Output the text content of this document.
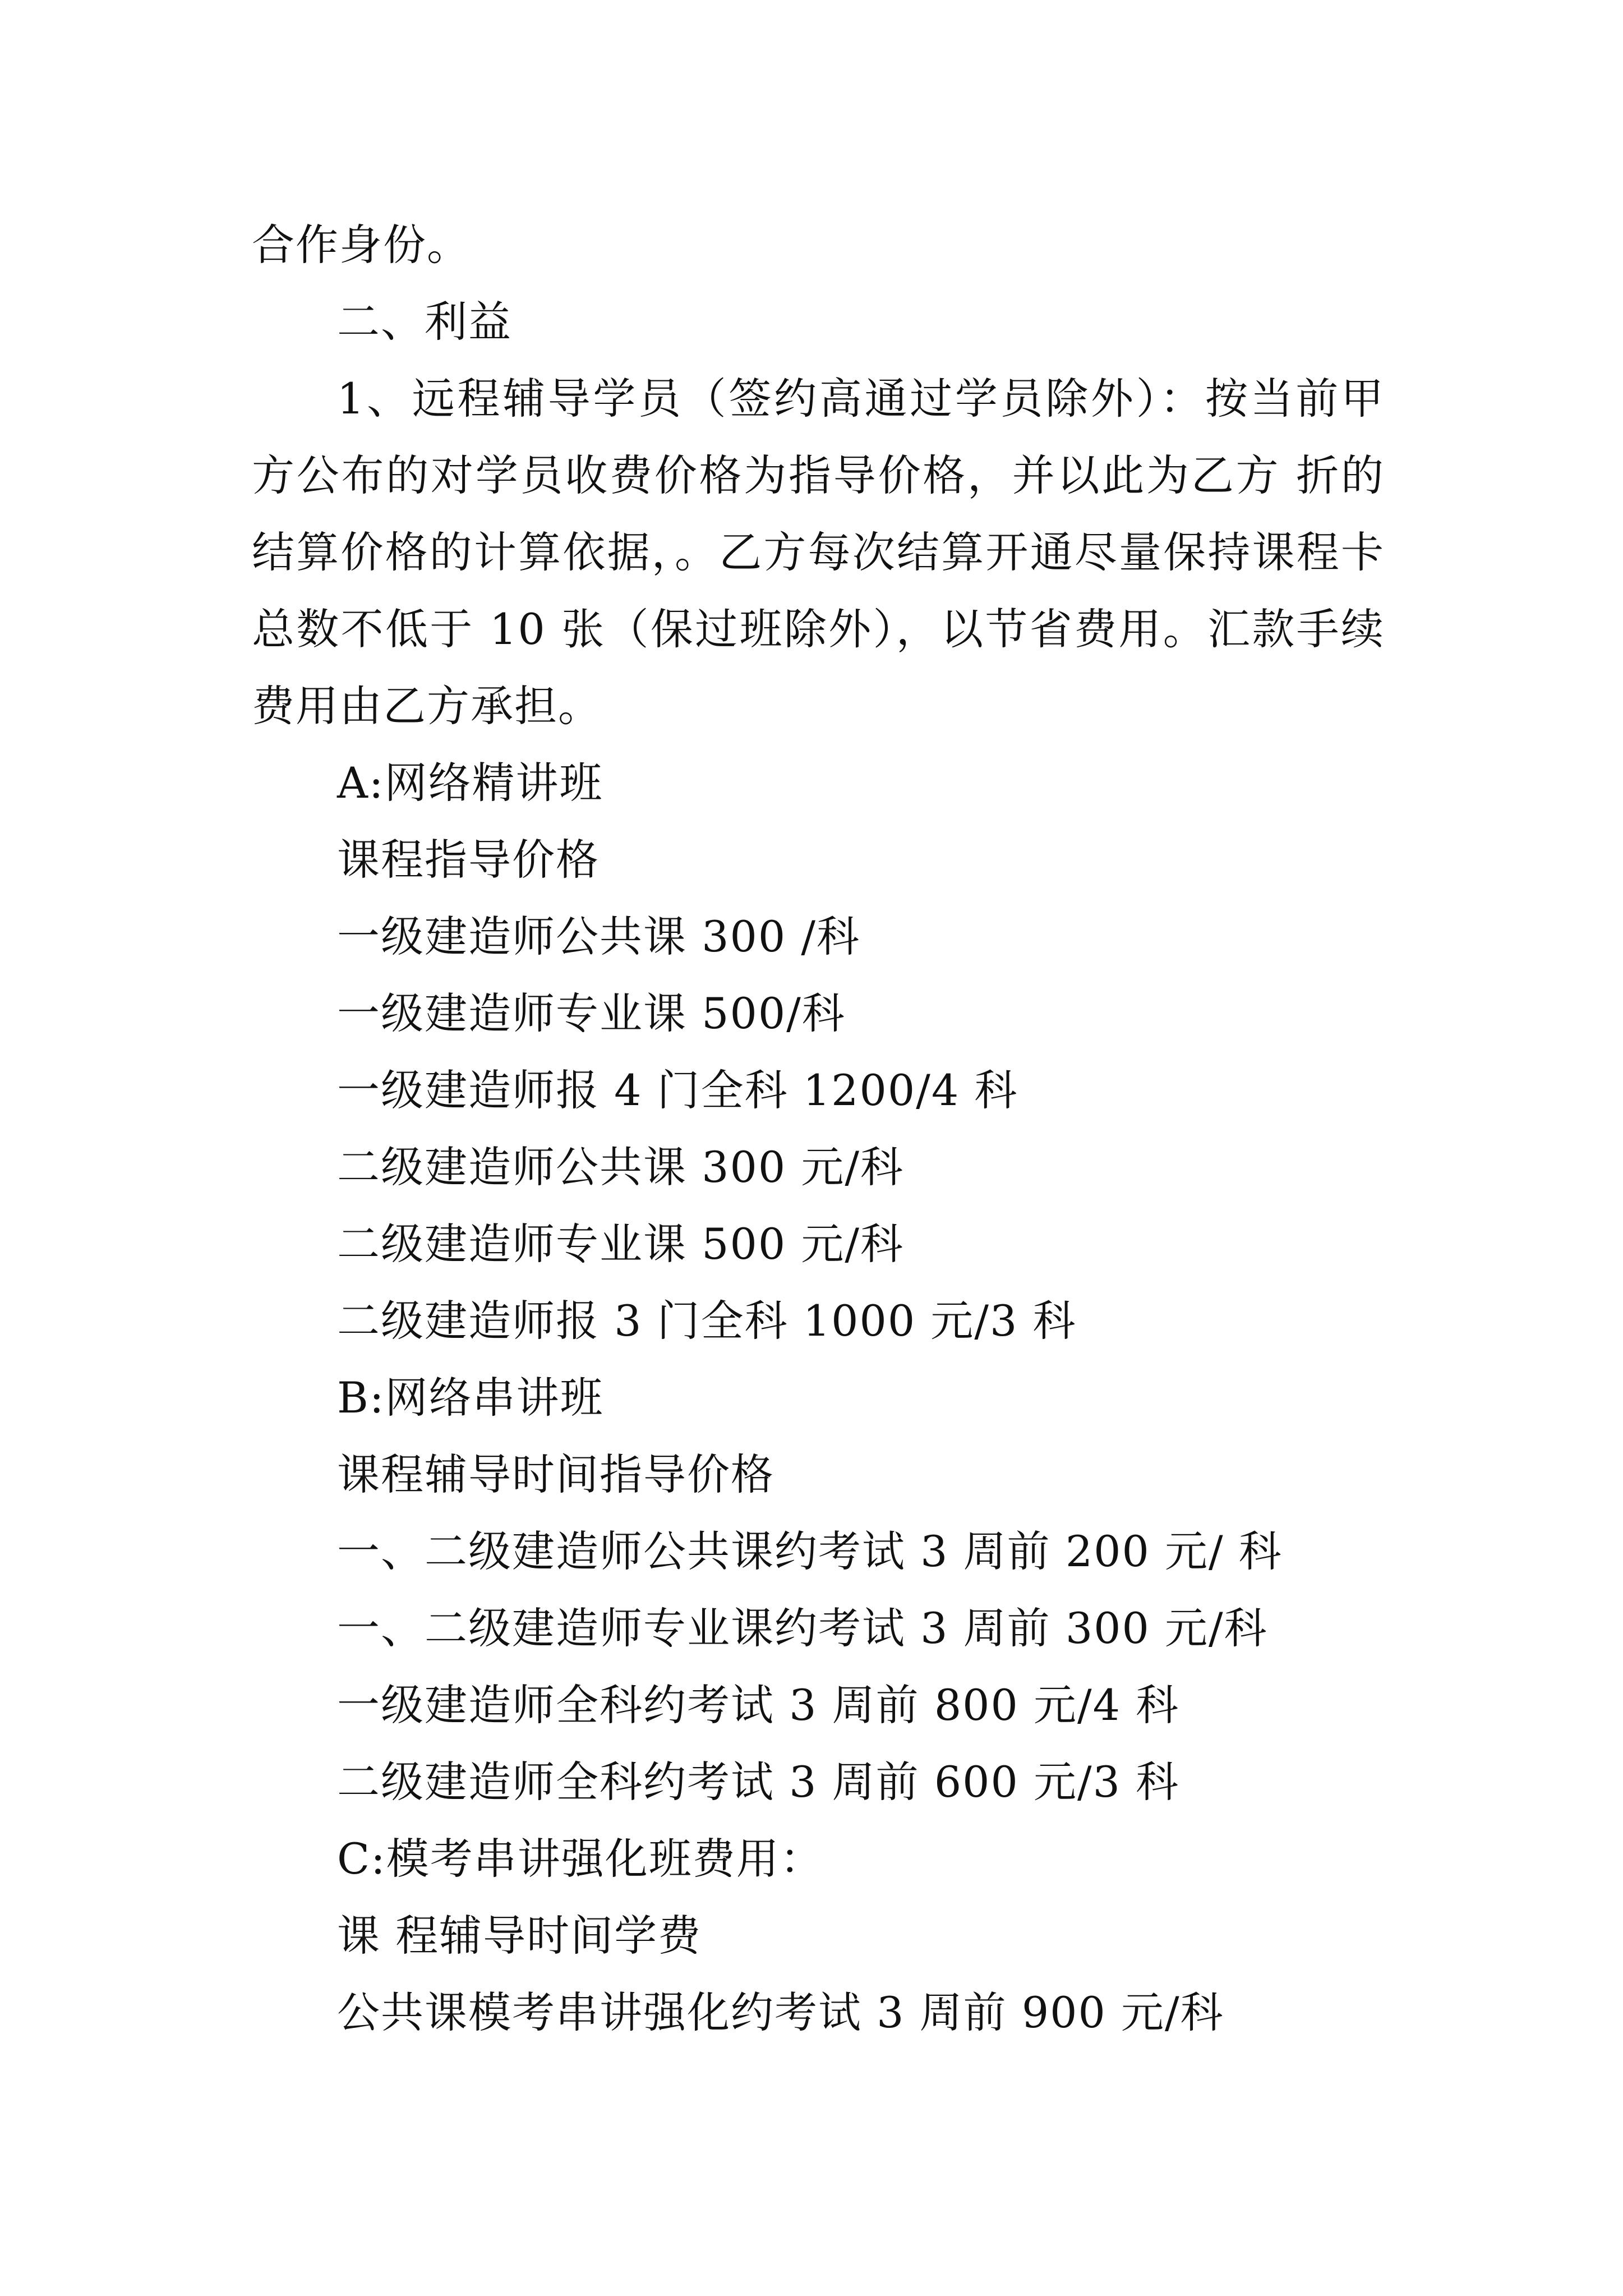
合作身份。

二、利益

1、远程辅导学员（签约高通过学员除外）：按当前甲方公布的对学员收费价格为指导价格，并以此为乙方 折的结算价格的计算依据，。乙方每次结算开通尽量保持课程卡总数不低于 10 张（保过班除外），以节省费用。汇款手续费用由乙方承担。

A:网络精讲班

课程指导价格

一级建造师公共课 300 /科

一级建造师专业课 500/科

一级建造师报 4 门全科 1200/4 科

二级建造师公共课 300 元/科

二级建造师专业课 500 元/科

二级建造师报 3 门全科 1000 元/3 科

B:网络串讲班

课程辅导时间指导价格

一、二级建造师公共课约考试 3 周前 200 元/ 科

一、二级建造师专业课约考试 3 周前 300 元/科

一级建造师全科约考试 3 周前 800 元/4 科

二级建造师全科约考试 3 周前 600 元/3 科

C:模考串讲强化班费用：

课 程辅导时间学费

公共课模考串讲强化约考试 3 周前 900 元/科
